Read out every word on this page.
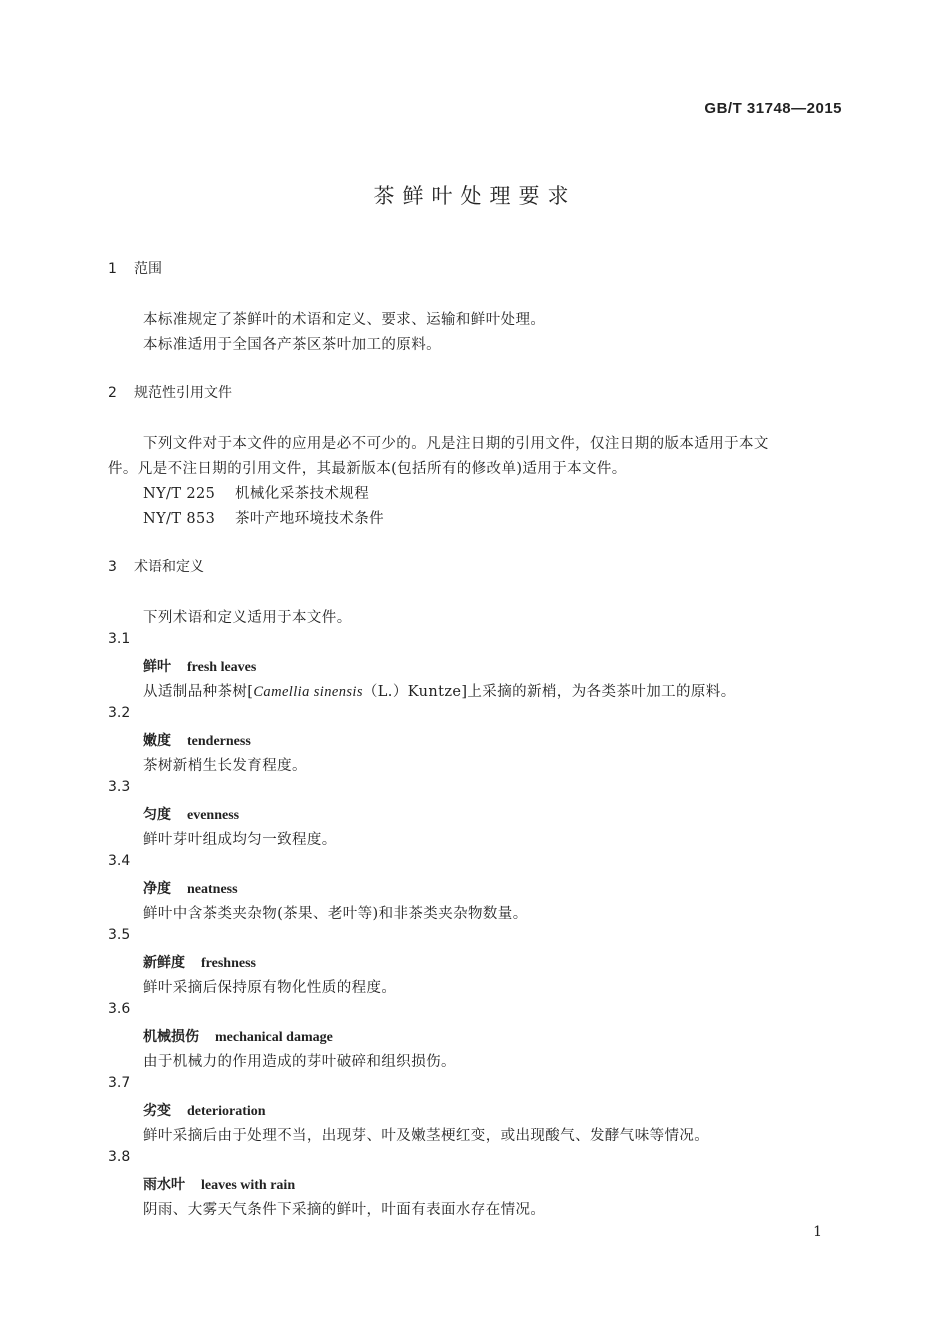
GB/T 31748—2015
茶鲜叶处理要求
1 范围
本标准规定了茶鲜叶的术语和定义、要求、运输和鲜叶处理。
本标准适用于全国各产茶区茶叶加工的原料。
2 规范性引用文件
下列文件对于本文件的应用是必不可少的。凡是注日期的引用文件，仅注日期的版本适用于本文
件。凡是不注日期的引用文件，其最新版本(包括所有的修改单)适用于本文件。
NY/T 225 机械化采茶技术规程
NY/T 853 茶叶产地环境技术条件
3 术语和定义
下列术语和定义适用于本文件。
3.1
鲜叶 fresh leaves
从适制品种茶树[Camellia sinensis（L.）Kuntze]上采摘的新梢，为各类茶叶加工的原料。
3.2
嫩度 tenderness
茶树新梢生长发育程度。
3.3
匀度 evenness
鲜叶芽叶组成均匀一致程度。
3.4
净度 neatness
鲜叶中含茶类夹杂物(茶果、老叶等)和非茶类夹杂物数量。
3.5
新鲜度 freshness
鲜叶采摘后保持原有物化性质的程度。
3.6
机械损伤 mechanical damage
由于机械力的作用造成的芽叶破碎和组织损伤。
3.7
劣变 deterioration
鲜叶采摘后由于处理不当，出现芽、叶及嫩茎梗红变，或出现酸气、发酵气味等情况。
3.8
雨水叶 leaves with rain
阴雨、大雾天气条件下采摘的鲜叶，叶面有表面水存在情况。
1
